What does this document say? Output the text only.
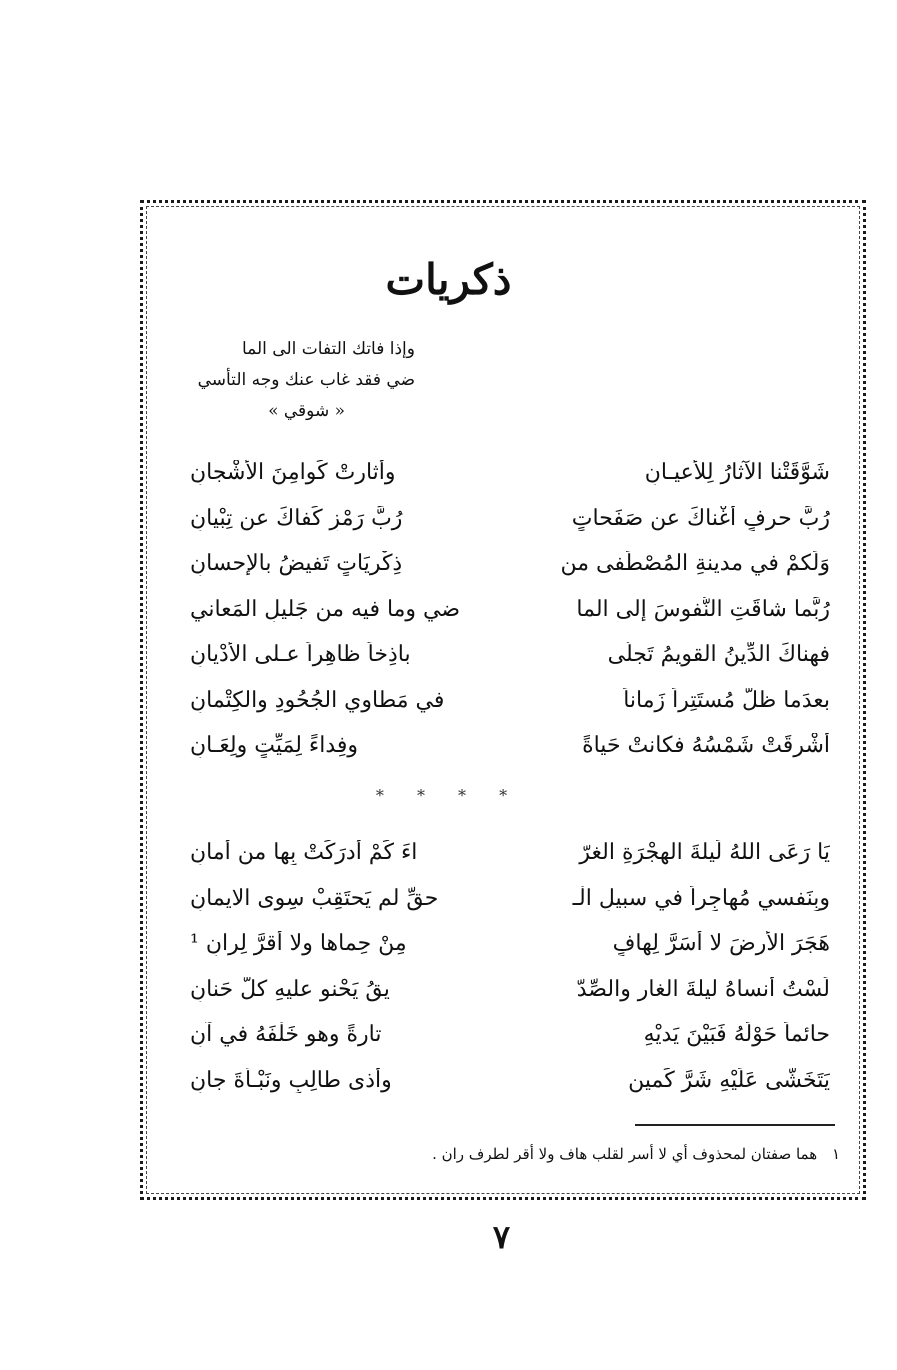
ذكريات
وإذا فاتك التفات الى الما
ضي فقد غاب عنك وجه التأسي
« شوقي »
شَوَّقَتْنا الآثارُ لِلأعيـانِ
وأثارتْ كَوامِنَ الأشْجانِ
رُبَّ حرفٍ أغْناكَ عن صَفَحاتٍ
رُبَّ رَمْزٍ كَفاكَ عن تِبْيانِ
وَلَكمْ في مدينةِ المُصْطَفى من
ذِكْريَاتٍ تَفيضُ بالإحسانِ
رُبَّما شاقَتِ النُّفوسَ إلى الما
ضي وما فيه من جَليلِ المَعاني
فهناكَ الدِّينُ القويمُ تَجلّى
باذِخاً ظاهِراً عـلى الأدْيانِ
بعدَما ظلَّ مُستَتِراً زَماناً
في مَطاوي الجُحُودِ والكِتْمانِ
أشْرقَتْ شَمْسُهُ فكانتْ حَياةً
وفِداءً لِمَيِّتٍ ولِعَـانِ
* * * *
يَا رَعَى اللهُ لَيلةَ الهِجْرَةِ الغرّ
اءَ كَمْ أدرَكَتْ بِها من أمانِ
وبِنَفسي مُهاجِراً في سبيلِ الْـ
حقِّ لم يَحتَقِبْ سِوى الايمانِ
هَجَرَ الأرضَ لا أسَرَّ لِهافٍ
مِنْ حِماها ولا أقرَّ لِرانِ ¹
لَسْتُ أنساهُ ليلةَ الغارِ والصِّدّ
يقُ يَحْنو عليهِ كلَّ حَنانِ
حائماً حَوْلَهُ فَبَيْنَ يَديْهِ
تارةً وهو خَلْفَهُ في آنِ
يَتَخَشّى عَلَيْهِ شَرَّ كَمينٍ
وأذى طالِبٍ ونَبْـأةَ جانِ
١ هما صفتان لمحذوف أي لا أسر لقلب هاف ولا أقر لطرف ران .
٧
